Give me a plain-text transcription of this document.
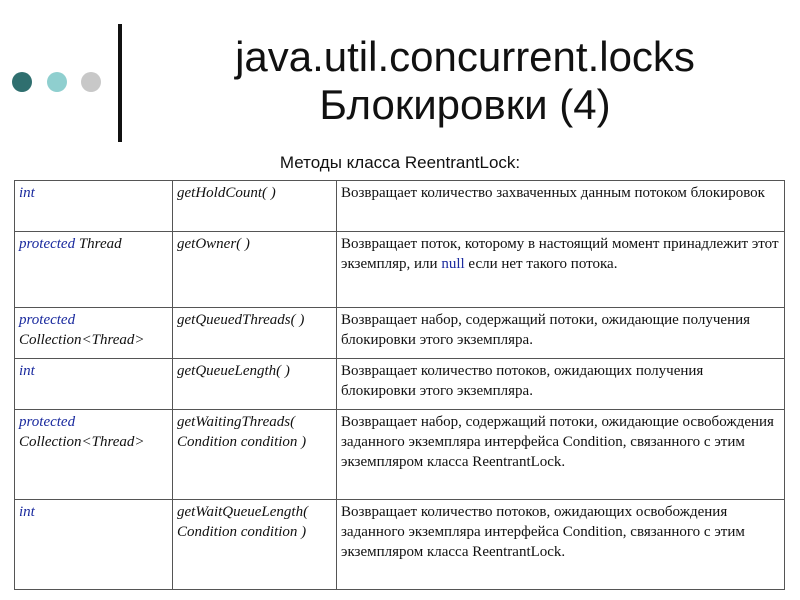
java.util.concurrent.locks
Блокировки (4)
Методы класса ReentrantLock:
int	getHoldCount( )	Возвращает количество захваченных данным потоком блокировок
protected Thread	getOwner( )	Возвращает поток, которому в настоящий момент принадлежит этот экземпляр, или null если нет такого потока.
protected Collection<Thread>	getQueuedThreads( )	Возвращает набор, содержащий потоки, ожидающие получения блокировки этого экземпляра.
int	getQueueLength( )	Возвращает количество потоков, ожидающих получения блокировки этого экземпляра.
protected Collection<Thread>	getWaitingThreads( Condition condition )	Возвращает набор, содержащий потоки, ожидающие освобождения заданного экземпляра интерфейса Condition, связанного с этим экземпляром класса ReentrantLock.
int	getWaitQueueLength( Condition condition )	Возвращает количество потоков, ожидающих освобождения заданного экземпляра интерфейса Condition, связанного с этим экземпляром класса ReentrantLock.
